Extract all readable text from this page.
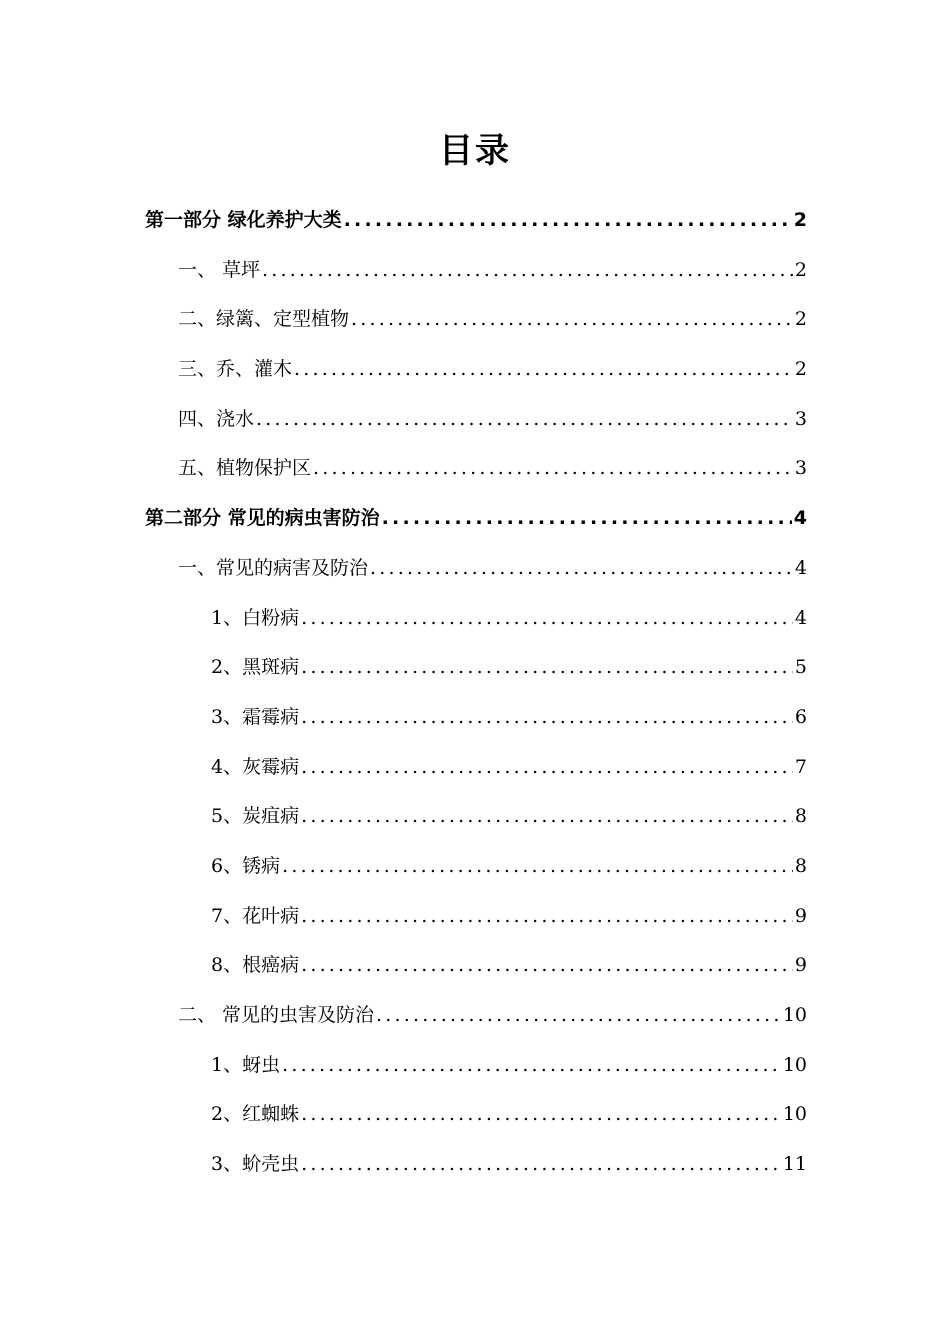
目录
第一部分 绿化养护大类 .....	2
一、 草坪 .....	2
二、绿篱、定型植物 .....	2
三、乔、灌木 .....	2
四、浇水 .....	3
五、植物保护区 .....	3
第二部分 常见的病虫害防治 .....	4
一、常见的病害及防治 .....	4
1、白粉病 .....	4
2、黑斑病 .....	5
3、霜霉病 .....	6
4、灰霉病 .....	7
5、炭疽病 .....	8
6、锈病 .....	8
7、花叶病 .....	9
8、根癌病 .....	9
二、 常见的虫害及防治 .....	10
1、蚜虫 .....	10
2、红蜘蛛 .....	10
3、蚧壳虫 .....	11
